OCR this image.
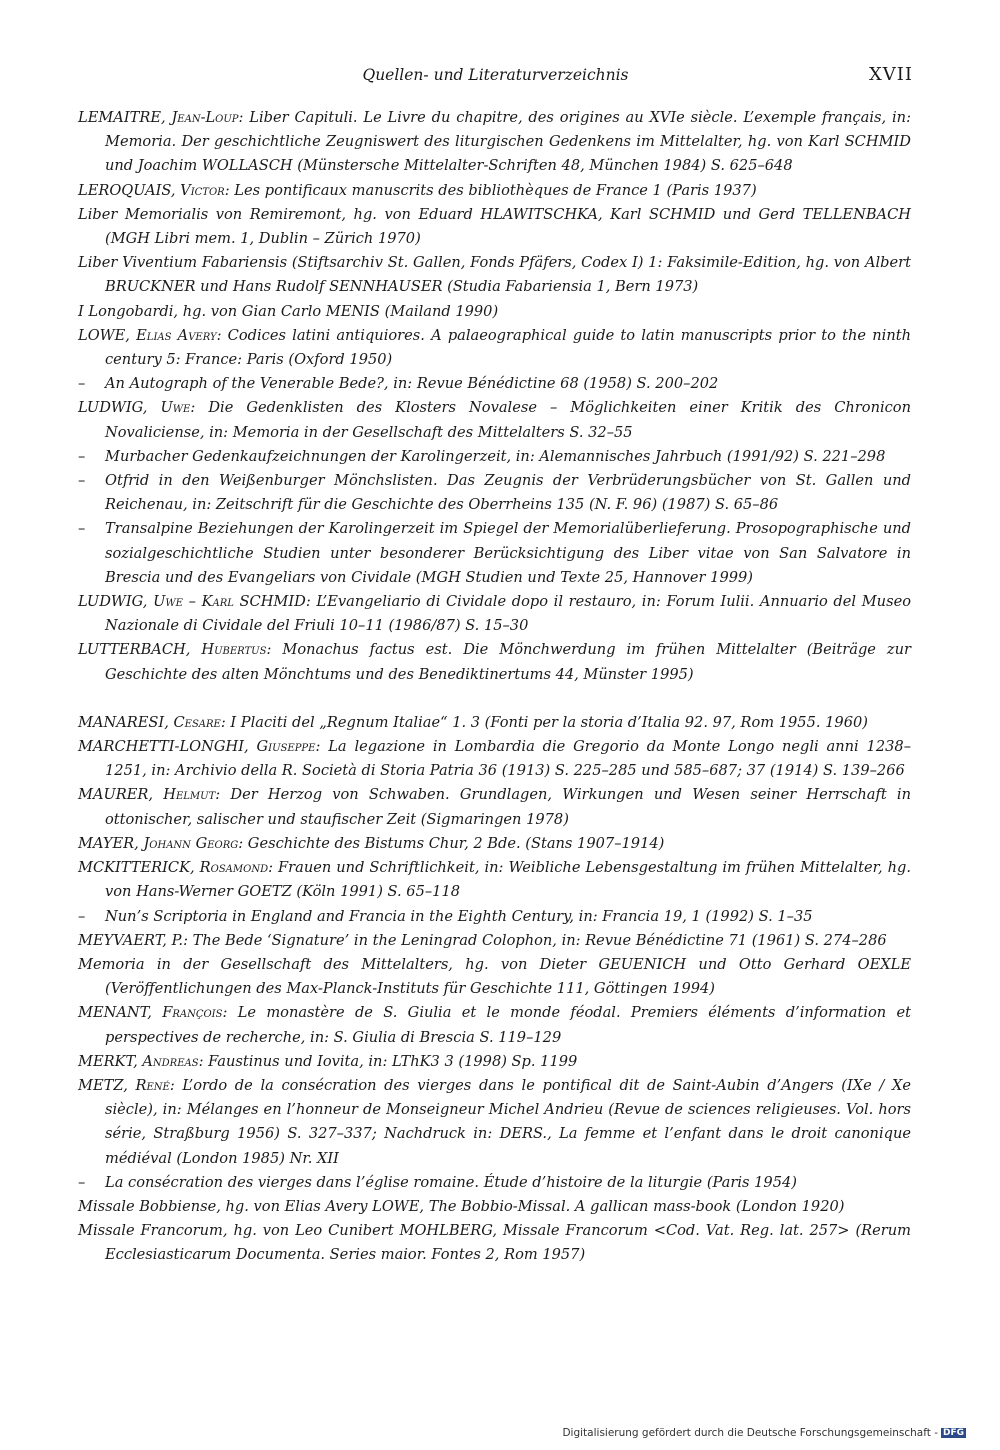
Quellen- und Literaturverzeichnis	XVII

LEMAITRE, Jean-Loup: Liber Capituli. Le Livre du chapitre, des origines au XVIe siècle. L’exemple français, in: Memoria. Der geschichtliche Zeugniswert des liturgischen Gedenkens im Mittelalter, hg. von Karl SCHMID und Joachim WOLLASCH (Münstersche Mittelalter-Schriften 48, München 1984) S. 625–648

LEROQUAIS, Victor: Les pontificaux manuscrits des bibliothèques de France 1 (Paris 1937)

Liber Memorialis von Remiremont, hg. von Eduard HLAWITSCHKA, Karl SCHMID und Gerd TELLENBACH (MGH Libri mem. 1, Dublin – Zürich 1970)

Liber Viventium Fabariensis (Stiftsarchiv St. Gallen, Fonds Pfäfers, Codex I) 1: Faksimile-Edition, hg. von Albert BRUCKNER und Hans Rudolf SENNHAUSER (Studia Fabariensia 1, Bern 1973)

I Longobardi, hg. von Gian Carlo MENIS (Mailand 1990)

LOWE, Elias Avery: Codices latini antiquiores. A palaeographical guide to latin manuscripts prior to the ninth century 5: France: Paris (Oxford 1950)

– An Autograph of the Venerable Bede?, in: Revue Bénédictine 68 (1958) S. 200–202

LUDWIG, Uwe: Die Gedenklisten des Klosters Novalese – Möglichkeiten einer Kritik des Chronicon Novaliciense, in: Memoria in der Gesellschaft des Mittelalters S. 32–55

– Murbacher Gedenkaufzeichnungen der Karolingerzeit, in: Alemannisches Jahrbuch (1991/92) S. 221–298

– Otfrid in den Weißenburger Mönchslisten. Das Zeugnis der Verbrüderungsbücher von St. Gallen und Reichenau, in: Zeitschrift für die Geschichte des Oberrheins 135 (N. F. 96) (1987) S. 65–86

– Transalpine Beziehungen der Karolingerzeit im Spiegel der Memorialüberlieferung. Prosopographische und sozialgeschichtliche Studien unter besonderer Berücksichtigung des Liber vitae von San Salvatore in Brescia und des Evangeliars von Cividale (MGH Studien und Texte 25, Hannover 1999)

LUDWIG, Uwe – Karl SCHMID: L’Evangeliario di Cividale dopo il restauro, in: Forum Iulii. Annuario del Museo Nazionale di Cividale del Friuli 10–11 (1986/87) S. 15–30

LUTTERBACH, Hubertus: Monachus factus est. Die Mönchwerdung im frühen Mittelalter (Beiträge zur Geschichte des alten Mönchtums und des Benediktinertums 44, Münster 1995)

MANARESI, Cesare: I Placiti del „Regnum Italiae“ 1. 3 (Fonti per la storia d’Italia 92. 97, Rom 1955. 1960)

MARCHETTI-LONGHI, Giuseppe: La legazione in Lombardia die Gregorio da Monte Longo negli anni 1238–1251, in: Archivio della R. Società di Storia Patria 36 (1913) S. 225–285 und 585–687; 37 (1914) S. 139–266

MAURER, Helmut: Der Herzog von Schwaben. Grundlagen, Wirkungen und Wesen seiner Herrschaft in ottonischer, salischer und staufischer Zeit (Sigmaringen 1978)

MAYER, Johann Georg: Geschichte des Bistums Chur, 2 Bde. (Stans 1907–1914)

MCKITTERICK, Rosamond: Frauen und Schriftlichkeit, in: Weibliche Lebensgestaltung im frühen Mittelalter, hg. von Hans-Werner GOETZ (Köln 1991) S. 65–118

– Nun’s Scriptoria in England and Francia in the Eighth Century, in: Francia 19, 1 (1992) S. 1–35

MEYVAERT, P.: The Bede ‘Signature’ in the Leningrad Colophon, in: Revue Bénédictine 71 (1961) S. 274–286

Memoria in der Gesellschaft des Mittelalters, hg. von Dieter GEUENICH und Otto Gerhard OEXLE (Veröffentlichungen des Max-Planck-Instituts für Geschichte 111, Göttingen 1994)

MENANT, François: Le monastère de S. Giulia et le monde féodal. Premiers éléments d’information et perspectives de recherche, in: S. Giulia di Brescia S. 119–129

MERKT, Andreas: Faustinus und Iovita, in: LThK3 3 (1998) Sp. 1199

METZ, René: L’ordo de la consécration des vierges dans le pontifical dit de Saint-Aubin d’Angers (IXe / Xe siècle), in: Mélanges en l’honneur de Monseigneur Michel Andrieu (Revue de sciences religieuses. Vol. hors série, Straßburg 1956) S. 327–337; Nachdruck in: DERS., La femme et l’enfant dans le droit canonique médiéval (London 1985) Nr. XII

– La consécration des vierges dans l’église romaine. Étude d’histoire de la liturgie (Paris 1954)

Missale Bobbiense, hg. von Elias Avery LOWE, The Bobbio-Missal. A gallican mass-book (London 1920)

Missale Francorum, hg. von Leo Cunibert MOHLBERG, Missale Francorum <Cod. Vat. Reg. lat. 257> (Rerum Ecclesiasticarum Documenta. Series maior. Fontes 2, Rom 1957)

Digitalisierung gefördert durch die Deutsche Forschungsgemeinschaft - DFG
